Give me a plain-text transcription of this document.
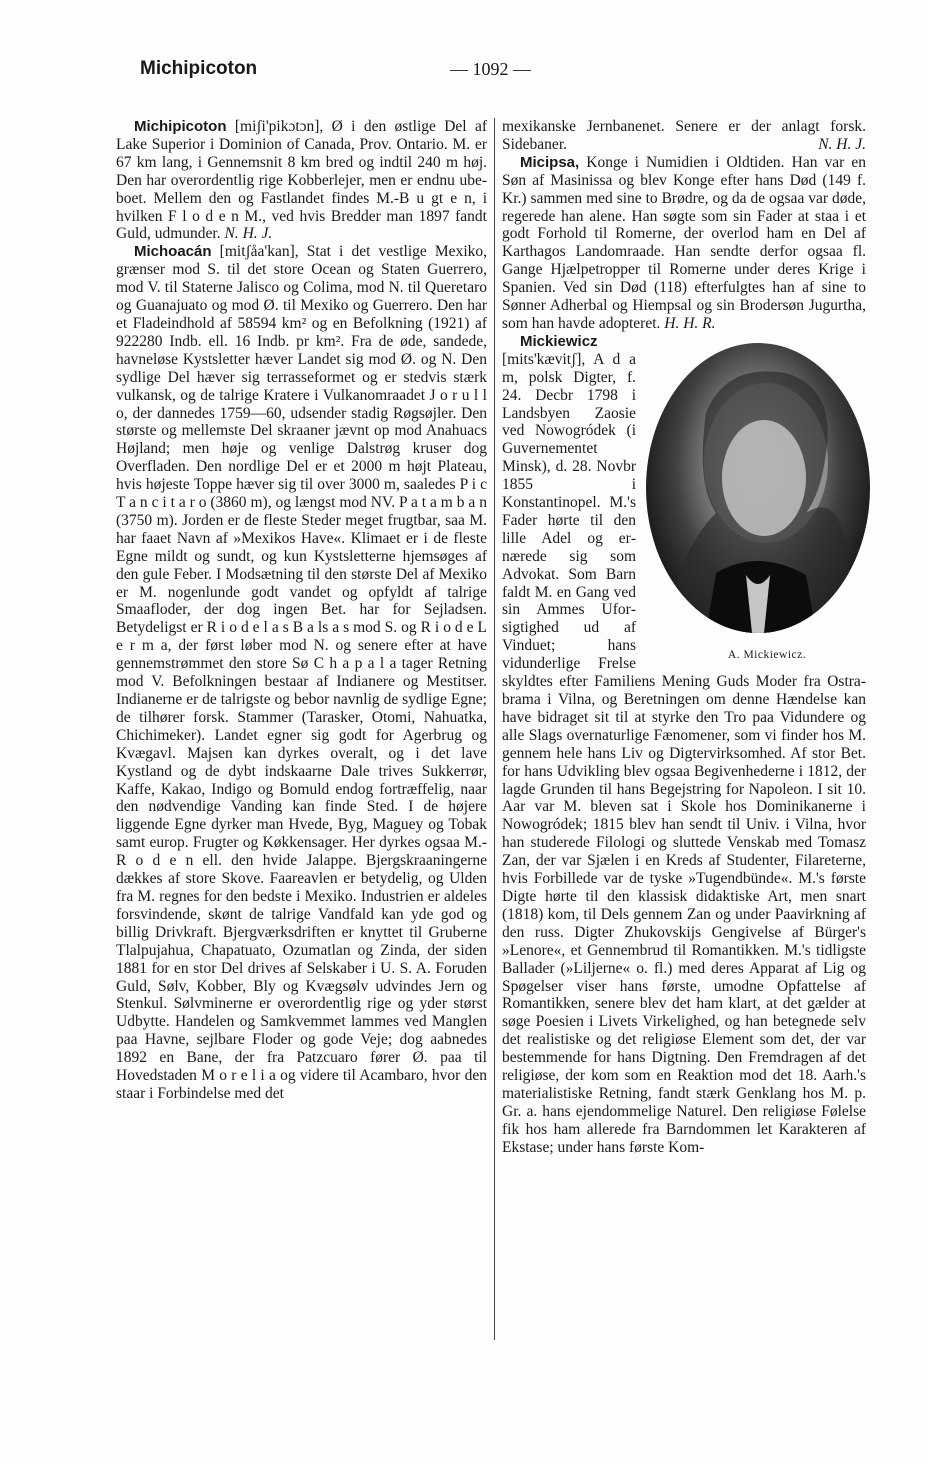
Michipicoton	— 1092 —

Michipicoton [miʃi'pikɔtɔn], Ø i den østlige Del af Lake Superior i Dominion of Canada, Prov. Ontario. M. er 67 km lang, i Gennemsnit 8 km bred og indtil 240 m høj. Den har overordentlig rige Kobberlejer, men er endnu ubeboet. Mellem den og Fastlandet findes M.-B u gt e n, i hvilken F l o d e n M., ved hvis Bredder man 1897 fandt Guld, udmunder. N. H. J.

Michoacán [mitʃåa'kan], Stat i det vestlige Mexiko, grænser mod S. til det store Ocean og Staten Guerrero, mod V. til Staterne Jalisco og Colima, mod N. til Queretaro og Guanajuato og mod Ø. til Mexiko og Guerrero. Den har et Fladeindhold af 58594 km² og en Befolkning (1921) af 922280 Indb. ell. 16 Indb. pr km². Fra de øde, sandede, havneløse Kystsletter hæver Landet sig mod Ø. og N. Den sydlige Del hæver sig terrasseformet og er stedvis stærk vulkansk, og de talrige Kratere i Vulkanomraadet J o r u l l o, der dannedes 1759—60, udsender stadig Røgsøjler. Den største og mellemste Del skraaner jævnt op mod Anahuacs Højland; men høje og venlige Dalstrøg kruser dog Overfladen. Den nordlige Del er et 2000 m højt Plateau, hvis højeste Toppe hæver sig til over 3000 m, saaledes P i c T a n c i t a r o (3860 m), og længst mod NV. P a t a m b a n (3750 m). Jorden er de fleste Steder meget frugtbar, saa M. har faaet Navn af »Mexikos Have«. Klimaet er i de fleste Egne mildt og sundt, og kun Kystsletterne hjemsøges af den gule Feber. I Modsætning til den største Del af Mexiko er M. nogenlunde godt vandet og opfyldt af talrige Smaafloder, der dog ingen Bet. har for Sejladsen. Betydeligst er R i o d e l a s B a ls a s mod S. og R i o d e L e r m a, der først løber mod N. og senere efter at have gennemstrømmet den store Sø C h a p a l a tager Retning mod V. Befolkningen bestaar af Indianere og Mestitser. Indianerne er de talrigste og bebor navnlig de sydlige Egne; de tilhører forsk. Stammer (Tarasker, Otomi, Nahuatka, Chichimeker). Landet egner sig godt for Agerbrug og Kvægavl. Majsen kan dyrkes overalt, og i det lave Kystland og de dybt indskaarne Dale trives Sukkerrør, Kaffe, Kakao, Indigo og Bomuld endog fortræffelig, naar den nødvendige Vanding kan finde Sted. I de højere liggende Egne dyrker man Hvede, Byg, Maguey og Tobak samt europ. Frugter og Køkkensager. Her dyrkes ogsaa M.-R o d e n ell. den hvide Jalappe. Bjergskraaningerne dækkes af store Skove. Faareavlen er betydelig, og Ulden fra M. regnes for den bedste i Mexiko. Industrien er aldeles forsvindende, skønt de talrige Vandfald kan yde god og billig Drivkraft. Bjergværksdriften er knyttet til Gruberne Tlalpujahua, Chapatuato, Ozumatlan og Zinda, der siden 1881 for en stor Del drives af Selskaber i U. S. A. Foruden Guld, Sølv, Kobber, Bly og Kvægsølv udvindes Jern og Stenkul. Sølvminerne er overordentlig rige og yder størst Udbytte. Handelen og Samkvemmet lammes ved Manglen paa Havne, sejlbare Floder og gode Veje; dog aabnedes 1892 en Bane, der fra Patzcuaro fører Ø. paa til Hovedstaden M o r e l i a og videre til Acambaro, hvor den staar i Forbindelse med det

mexikanske Jernbanenet. Senere er der anlagt forsk. Sidebaner.	N. H. J.

Micipsa, Konge i Numidien i Oldtiden. Han var en Søn af Masinissa og blev Konge efter hans Død (149 f. Kr.) sammen med sine to Brødre, og da de ogsaa var døde, regerede han alene. Han søgte som sin Fader at staa i et godt Forhold til Romerne, der overlod ham en Del af Karthagos Landomraade. Han sendte derfor ogsaa fl. Gange Hjælpetropper til Romerne under deres Krige i Spanien. Ved sin Død (118) efterfulgtes han af sine to Sønner Adherbal og Hiempsal og sin Brodersøn Jugurtha, som han havde adopteret. H. H. R.

Mickiewicz
A. Mickiewicz.
[mits'kævitʃ], A d a m, polsk Digter, f. 24. Decbr 1798 i Landsbyen Zaosie ved Nowogródek (i Guvernementet Minsk), d. 28. Novbr 1855 i Konstantinopel. M.'s Fader hørte til den lille Adel og ernærede sig som Advokat. Som Barn faldt M. en Gang ved sin Ammes Uforsigtighed ud af Vinduet; hans vidunderlige Frelse skyldtes efter Familiens Mening Guds Moder fra Ostrabrama i Vilna, og Beretningen om denne Hændelse kan have bidraget sit til at styrke den Tro paa Vidundere og alle Slags overnaturlige Fænomener, som vi finder hos M. gennem hele hans Liv og Digtervirksomhed. Af stor Bet. for hans Udvikling blev ogsaa Begivenhederne i 1812, der lagde Grunden til hans Begejstring for Napoleon. I sit 10. Aar var M. bleven sat i Skole hos Dominikanerne i Nowogródek; 1815 blev han sendt til Univ. i Vilna, hvor han studerede Filologi og sluttede Venskab med Tomasz Zan, der var Sjælen i en Kreds af Studenter, Filareterne, hvis Forbillede var de tyske »Tugendbünde«. M.'s første Digte hørte til den klassisk didaktiske Art, men snart (1818) kom, til Dels gennem Zan og under Paavirkning af den russ. Digter Zhukovskijs Gengivelse af Bürger's »Lenore«, et Gennembrud til Romantikken. M.'s tidligste Ballader (»Liljerne« o. fl.) med deres Apparat af Lig og Spøgelser viser hans første, umodne Opfattelse af Romantikken, senere blev det ham klart, at det gælder at søge Poesien i Livets Virkelighed, og han betegnede selv det realistiske og det religiøse Element som det, der var bestemmende for hans Digtning. Den Fremdragen af det religiøse, der kom som en Reaktion mod det 18. Aarh.'s materialistiske Retning, fandt stærk Genklang hos M. p. Gr. a. hans ejendommelige Naturel. Den religiøse Følelse fik hos ham allerede fra Barndommen let Karakteren af Ekstase; under hans første Kom-
